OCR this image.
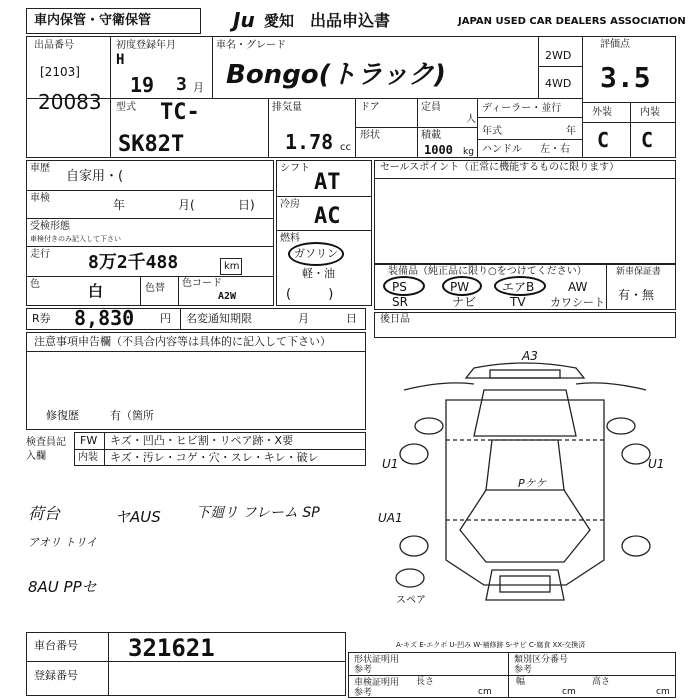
車内保管・守衛保管	Ju 愛知 出品申込書	JAPAN USED CAR DEALERS ASSOCIATION
出品番号
[2103]
20083
初度登録年月
H
19 3 月
車名・グレード
Bongo(トラック)
2WD
4WD
評価点
3.5
型式 TC-
SK82T
排気量
1.78 cc
ドア	定員
人
形状	積載
1000 kg
ディーラー・並行
年式	年
ハンドル 左・右
外装	内装
C C
車歴
自家用・(
車検	年	月(	日)
受検形態
車検付きのみ記入して下さい
走行 8万2千488	km
色	白	色替 色コード
A2W
シフト
AT
冷房 AC
燃料
ガソリン
軽・油
(         )
セールスポイント（正常に機能するものに限ります）
装備品（純正品に限り○をつけてください）
PS	PW	エアB	AW
SR	ナビ	TV カワシート
新車保証書
有・無
R券 8,830 円 名変通知期限	月	日
注意事項申告欄（不具合内容等は具体的に記入して下さい）
修復歴	有（箇所
検査員記入欄
FW キズ・凹凸・ヒビ割・リペア跡・X要
内装 キズ・汚レ・コゲ・穴・スレ・キレ・破レ
後日品
荷台	ヤAUS	下廻リ フレーム SP
アオリ トリイ
8AU PPセ
A3
U1	U1
UA1
Pケケ
スペア
車台番号 321621
登録番号
A-キズ E-エクボ U-凹み W-補修跡 S-サビ C-腐食 XX-交換済
形状証明用参考
類別区分番号参考
車検証明用参考
長さ
cm
幅
cm
高さ
cm
